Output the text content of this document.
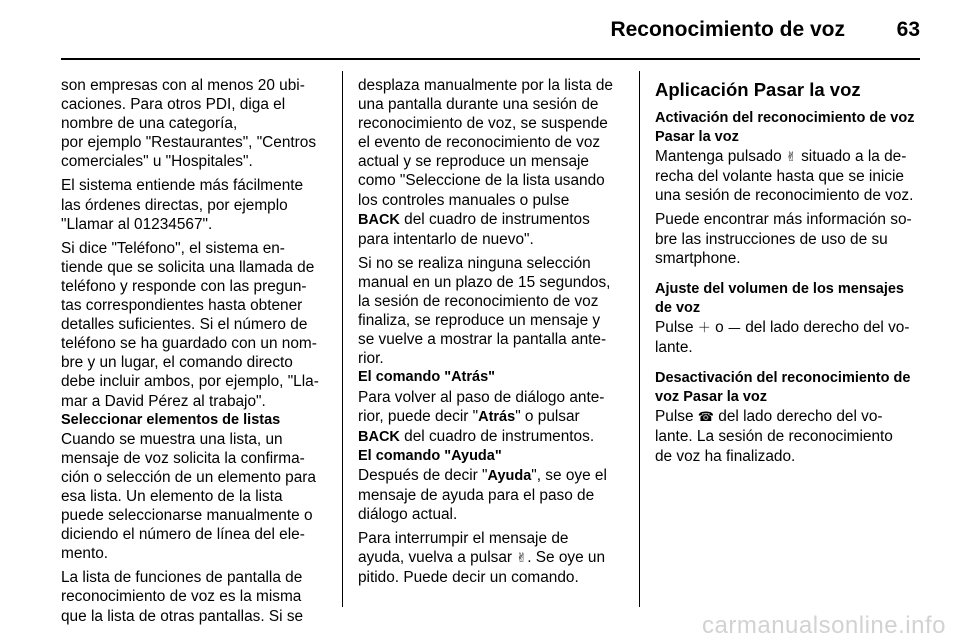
Reconocimiento de voz 63

son empresas con al menos 20 ubi-
caciones. Para otros PDI, diga el
nombre de una categoría,
por ejemplo "Restaurantes", "Centros
comerciales" u "Hospitales".

El sistema entiende más fácilmente
las órdenes directas, por ejemplo
"Llamar al 01234567".

Si dice "Teléfono", el sistema en-
tiende que se solicita una llamada de
teléfono y responde con las pregun-
tas correspondientes hasta obtener
detalles suficientes. Si el número de
teléfono se ha guardado con un nom-
bre y un lugar, el comando directo
debe incluir ambos, por ejemplo, "Lla-
mar a David Pérez al trabajo".

Seleccionar elementos de listas

Cuando se muestra una lista, un
mensaje de voz solicita la confirma-
ción o selección de un elemento para
esa lista. Un elemento de la lista
puede seleccionarse manualmente o
diciendo el número de línea del ele-
mento.

La lista de funciones de pantalla de
reconocimiento de voz es la misma
que la lista de otras pantallas. Si se

desplaza manualmente por la lista de
una pantalla durante una sesión de
reconocimiento de voz, se suspende
el evento de reconocimiento de voz
actual y se reproduce un mensaje
como "Seleccione de la lista usando
los controles manuales o pulse
BACK del cuadro de instrumentos
para intentarlo de nuevo".

Si no se realiza ninguna selección
manual en un plazo de 15 segundos,
la sesión de reconocimiento de voz
finaliza, se reproduce un mensaje y
se vuelve a mostrar la pantalla ante-
rior.

El comando "Atrás"

Para volver al paso de diálogo ante-
rior, puede decir "Atrás" o pulsar
BACK del cuadro de instrumentos.

El comando "Ayuda"

Después de decir "Ayuda", se oye el
mensaje de ayuda para el paso de
diálogo actual.

Para interrumpir el mensaje de
ayuda, vuelva a pulsar ✌. Se oye un
pitido. Puede decir un comando.

Aplicación Pasar la voz

Activación del reconocimiento de voz
Pasar la voz

Mantenga pulsado ✌ situado a la de-
recha del volante hasta que se inicie
una sesión de reconocimiento de voz.

Puede encontrar más información so-
bre las instrucciones de uso de su
smartphone.

Ajuste del volumen de los mensajes
de voz

Pulse ＋ o — del lado derecho del vo-
lante.

Desactivación del reconocimiento de
voz Pasar la voz

Pulse ☎ del lado derecho del vo-
lante. La sesión de reconocimiento
de voz ha finalizado.

carmanualsonline.info
